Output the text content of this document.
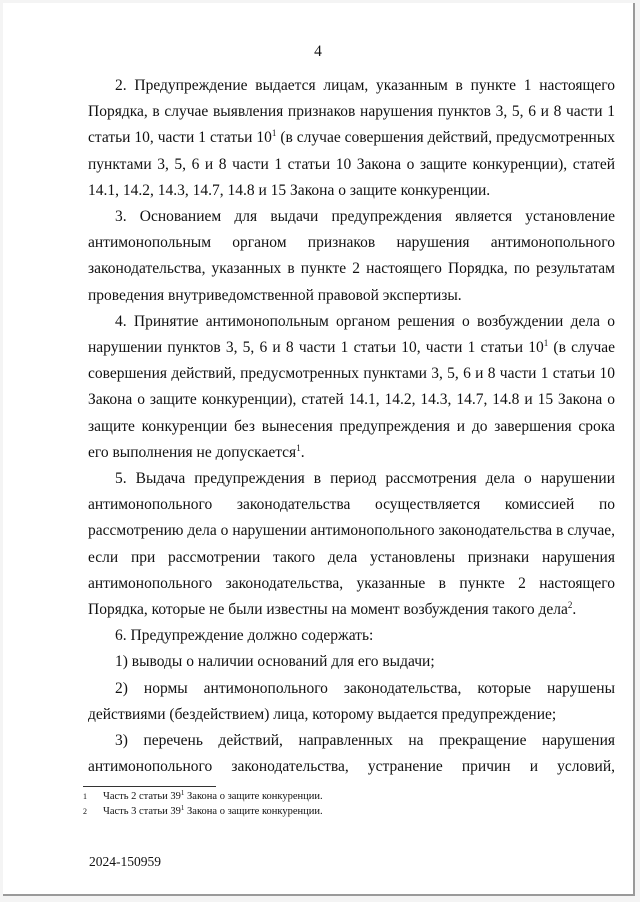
4

2. Предупреждение выдается лицам, указанным в пункте 1 настоящего Порядка, в случае выявления признаков нарушения пунктов 3, 5, 6 и 8 части 1 статьи 10, части 1 статьи $10^1$ (в случае совершения действий, предусмотренных пунктами 3, 5, 6 и 8 части 1 статьи 10 Закона о защите конкуренции), статей 14.1, 14.2, 14.3, 14.7, 14.8 и 15 Закона о защите конкуренции.

3. Основанием для выдачи предупреждения является установление антимонопольным органом признаков нарушения антимонопольного законодательства, указанных в пункте 2 настоящего Порядка, по результатам проведения внутриведомственной правовой экспертизы.

4. Принятие антимонопольным органом решения о возбуждении дела о нарушении пунктов 3, 5, 6 и 8 части 1 статьи 10, части 1 статьи $10^1$ (в случае совершения действий, предусмотренных пунктами 3, 5, 6 и 8 части 1 статьи 10 Закона о защите конкуренции), статей 14.1, 14.2, 14.3, 14.7, 14.8 и 15 Закона о защите конкуренции без вынесения предупреждения и до завершения срока его выполнения не допускается$^1$.

5. Выдача предупреждения в период рассмотрения дела о нарушении антимонопольного законодательства осуществляется комиссией по рассмотрению дела о нарушении антимонопольного законодательства в случае, если при рассмотрении такого дела установлены признаки нарушения антимонопольного законодательства, указанные в пункте 2 настоящего Порядка, которые не были известны на момент возбуждения такого дела$^2$.

6. Предупреждение должно содержать:

1) выводы о наличии оснований для его выдачи;

2) нормы антимонопольного законодательства, которые нарушены действиями (бездействием) лица, которому выдается предупреждение;

3) перечень действий, направленных на прекращение нарушения антимонопольного законодательства, устранение причин и условий,

1	Часть 2 статьи $39^1$ Закона о защите конкуренции.
2	Часть 3 статьи $39^1$ Закона о защите конкуренции.
2024-150959
